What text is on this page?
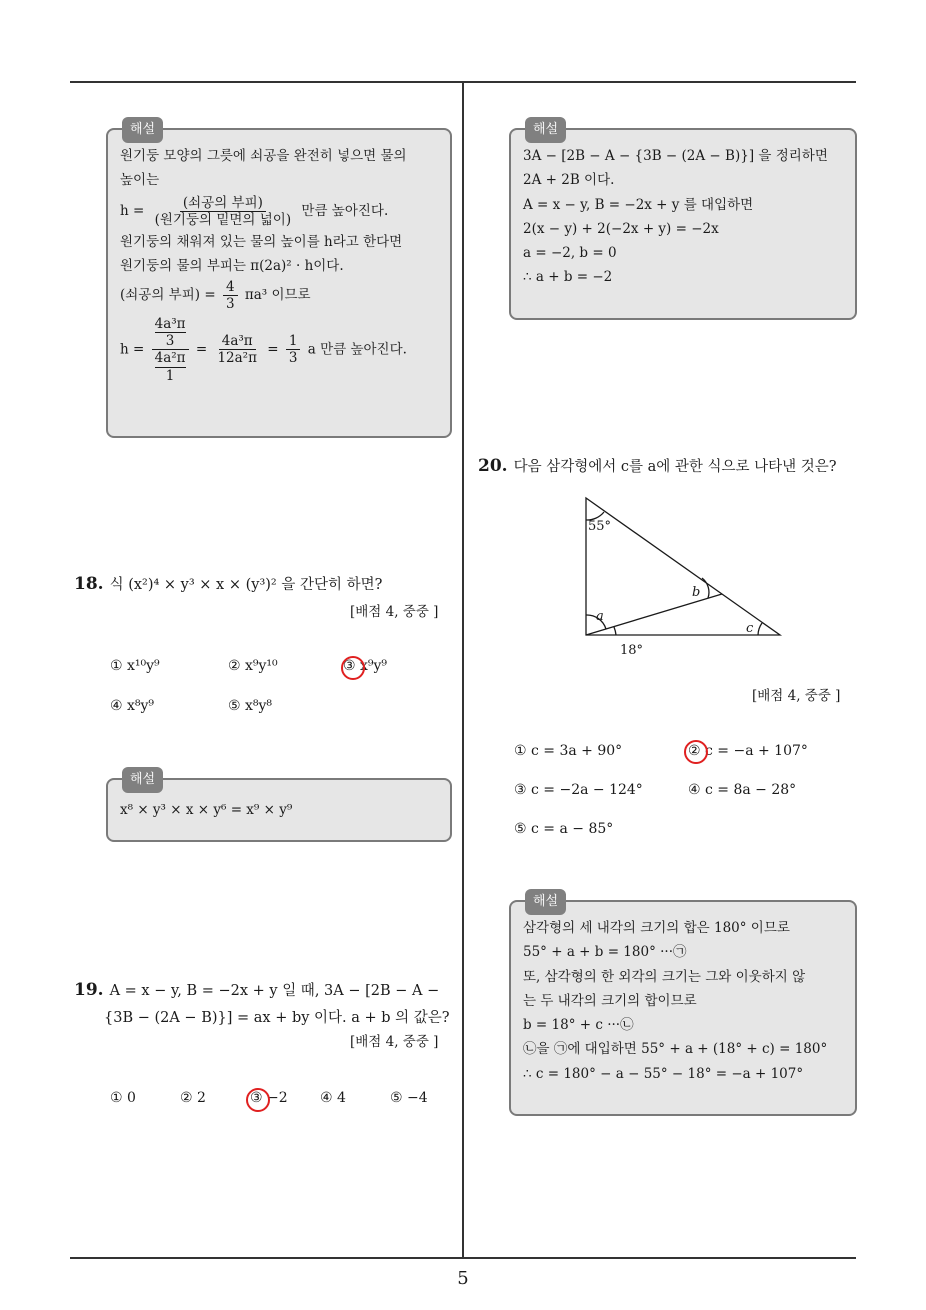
해설
원기둥 모양의 그릇에 쇠공을 완전히 넣으면 물의
높이는
$h = \frac{\text{(쇠공의 부피)}}{\text{(원기둥의 밑면의 넓이)}}$ 만큼 높아진다.
원기둥의 채워져 있는 물의 높이를 h라고 한다면
원기둥의 물의 부피는 π(2a)² · h이다.
(쇠공의 부피) = $\frac{4}{3} \pi a^3$ 이므로
h = 4a³π
3
4a²π
$1 = \frac{\text{4a³π}}{\text{12a²π}} = \frac{1}{3}$ a 만큼 높아진다.
18. 식 (x²)⁴ × y³ × x × (y³)² 을 간단히 하면?
[배점 4, 중중 ]
① x¹⁰y⁹	② x⁹y¹⁰	③ x⁹y⁹
④ x⁸y⁹	⑤ x⁸y⁸
해설
x⁸ × y³ × x × y⁶ = x⁹ × y⁹
19. A = x − y, B = −2x + y 일 때, 3A − [2B − A −
{3B − (2A − B)}] = ax + by 이다. a + b 의 값은?
[배점 4, 중중 ]
① 0	② 2	③ −2 ④ 4	⑤ −4
해설
3A − [2B − A − {3B − (2A − B)}] 을 정리하면
2A + 2B 이다.
A = x − y, B = −2x + y 를 대입하면
2(x − y) + 2(−2x + y) = −2x
a = −2, b = 0
∴ a + b = −2
20. 다음 삼각형에서 c를 a에 관한 식으로 나타낸 것은?
55°
b
a
c
18°
[배점 4, 중중 ]
① c = 3a + 90°	② c = −a + 107°
③ c = −2a − 124°	④ c = 8a − 28°
⑤ c = a − 85°
해설
삼각형의 세 내각의 크기의 합은 180° 이므로
55° + a + b = 180° ···㉠
또, 삼각형의 한 외각의 크기는 그와 이웃하지 않
는 두 내각의 크기의 합이므로
b = 18° + c ···㉡
㉡을 ㉠에 대입하면 55° + a + (18° + c) = 180°
∴ c = 180° − a − 55° − 18° = −a + 107°
5
